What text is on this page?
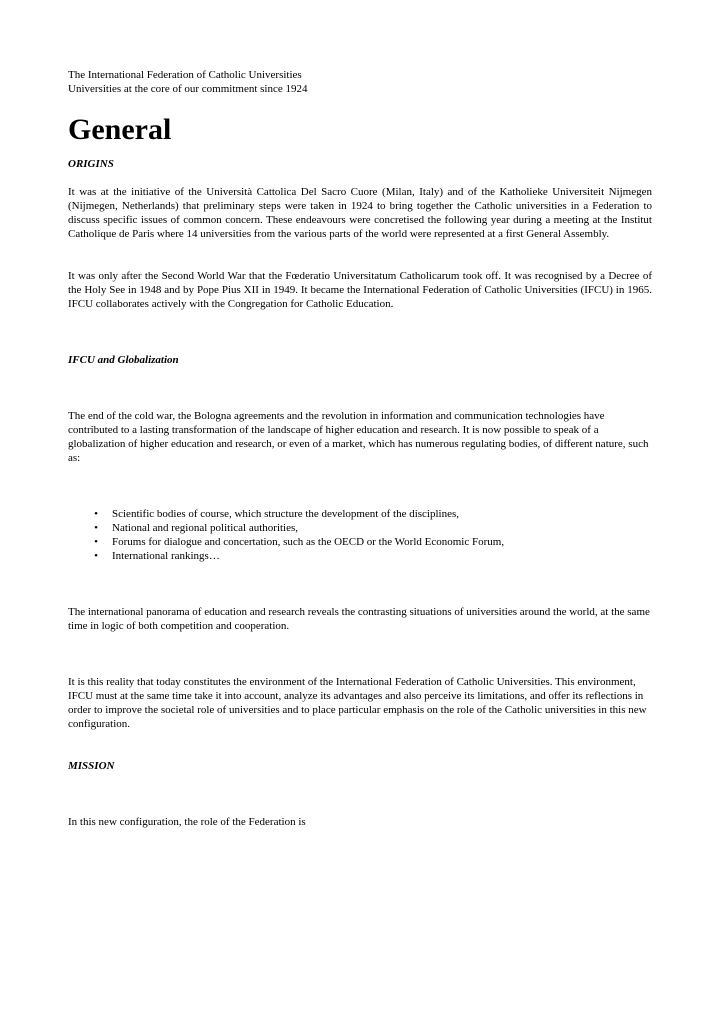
The International Federation of Catholic Universities

Universities at the core of our commitment since 1924

General

ORIGINS

It was at the initiative of the Università Cattolica Del Sacro Cuore (Milan, Italy) and of the Katholieke Universiteit Nijmegen (Nijmegen, Netherlands) that preliminary steps were taken in 1924 to bring together the Catholic universities in a Federation to discuss specific issues of common concern. These endeavours were concretised the following year during a meeting at the Institut Catholique de Paris where 14 universities from the various parts of the world were represented at a first General Assembly.

It was only after the Second World War that the Fœderatio Universitatum Catholicarum took off. It was recognised by a Decree of the Holy See in 1948 and by Pope Pius XII in 1949. It became the International Federation of Catholic Universities (IFCU) in 1965. IFCU collaborates actively with the Congregation for Catholic Education.

IFCU and Globalization

The end of the cold war, the Bologna agreements and the revolution in information and communication technologies have contributed to a lasting transformation of the landscape of higher education and research. It is now possible to speak of a globalization of higher education and research, or even of a market, which has numerous regulating bodies, of different nature, such as:

•	Scientific bodies of course, which structure the development of the disciplines,
•	National and regional political authorities,
•	Forums for dialogue and concertation, such as the OECD or the World Economic Forum,
•	International rankings…

The international panorama of education and research reveals the contrasting situations of universities around the world, at the same time in logic of both competition and cooperation.

It is this reality that today constitutes the environment of the International Federation of Catholic Universities. This environment, IFCU must at the same time take it into account, analyze its advantages and also perceive its limitations, and offer its reflections in order to improve the societal role of universities and to place particular emphasis on the role of the Catholic universities in this new configuration.

MISSION

In this new configuration, the role of the Federation is
